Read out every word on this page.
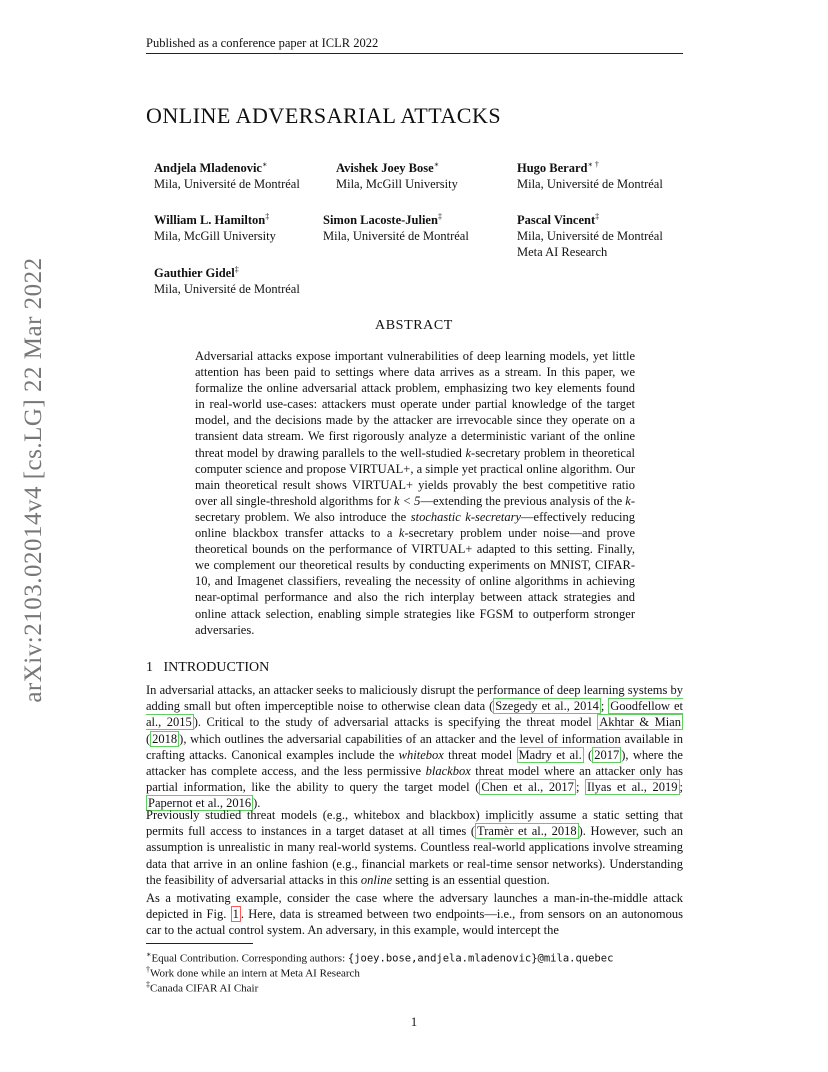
Published as a conference paper at ICLR 2022
arXiv:2103.02014v4 [cs.LG] 22 Mar 2022
ONLINE ADVERSARIAL ATTACKS
Andjela Mladenovic∗
Mila, Université de Montréal
Avishek Joey Bose∗
Mila, McGill University
Hugo Berard∗ †
Mila, Université de Montréal
William L. Hamilton‡
Mila, McGill University
Simon Lacoste-Julien‡
Mila, Université de Montréal
Pascal Vincent‡
Mila, Université de Montréal
Meta AI Research
Gauthier Gidel‡
Mila, Université de Montréal
ABSTRACT
Adversarial attacks expose important vulnerabilities of deep learning models, yet little attention has been paid to settings where data arrives as a stream. In this paper, we formalize the online adversarial attack problem, emphasizing two key elements found in real-world use-cases: attackers must operate under partial knowledge of the target model, and the decisions made by the attacker are irrevocable since they operate on a transient data stream. We first rigorously analyze a deterministic variant of the online threat model by drawing parallels to the well-studied k-secretary problem in theoretical computer science and propose VIRTUAL+, a simple yet practical online algorithm. Our main theoretical result shows VIRTUAL+ yields provably the best competitive ratio over all single-threshold algorithms for k < 5—extending the previous analysis of the k-secretary problem. We also introduce the stochastic k-secretary—effectively reducing online blackbox transfer attacks to a k-secretary problem under noise—and prove theoretical bounds on the performance of VIRTUAL+ adapted to this setting. Finally, we complement our theoretical results by conducting experiments on MNIST, CIFAR-10, and Imagenet classifiers, revealing the necessity of online algorithms in achieving near-optimal performance and also the rich interplay between attack strategies and online attack selection, enabling simple strategies like FGSM to outperform stronger adversaries.
1 INTRODUCTION
In adversarial attacks, an attacker seeks to maliciously disrupt the performance of deep learning systems by adding small but often imperceptible noise to otherwise clean data ( Szegedy et al., 2014 ; Goodfellow et al., 2015 ). Critical to the study of adversarial attacks is specifying the threat model Akhtar & Mian ( 2018 ), which outlines the adversarial capabilities of an attacker and the level of information available in crafting attacks. Canonical examples include the whitebox threat model Madry et al. ( 2017 ), where the attacker has complete access, and the less permissive blackbox threat model where an attacker only has partial information, like the ability to query the target model ( Chen et al., 2017 ; Ilyas et al., 2019 ; Papernot et al., 2016 ).
Previously studied threat models (e.g., whitebox and blackbox) implicitly assume a static setting that permits full access to instances in a target dataset at all times ( Tramèr et al., 2018 ). However, such an assumption is unrealistic in many real-world systems. Countless real-world applications involve streaming data that arrive in an online fashion (e.g., financial markets or real-time sensor networks). Understanding the feasibility of adversarial attacks in this online setting is an essential question.
As a motivating example, consider the case where the adversary launches a man-in-the-middle attack depicted in Fig. 1 . Here, data is streamed between two endpoints—i.e., from sensors on an autonomous car to the actual control system. An adversary, in this example, would intercept the
∗Equal Contribution. Corresponding authors: {joey.bose,andjela.mladenovic}@mila.quebec
†Work done while an intern at Meta AI Research
‡Canada CIFAR AI Chair
1
